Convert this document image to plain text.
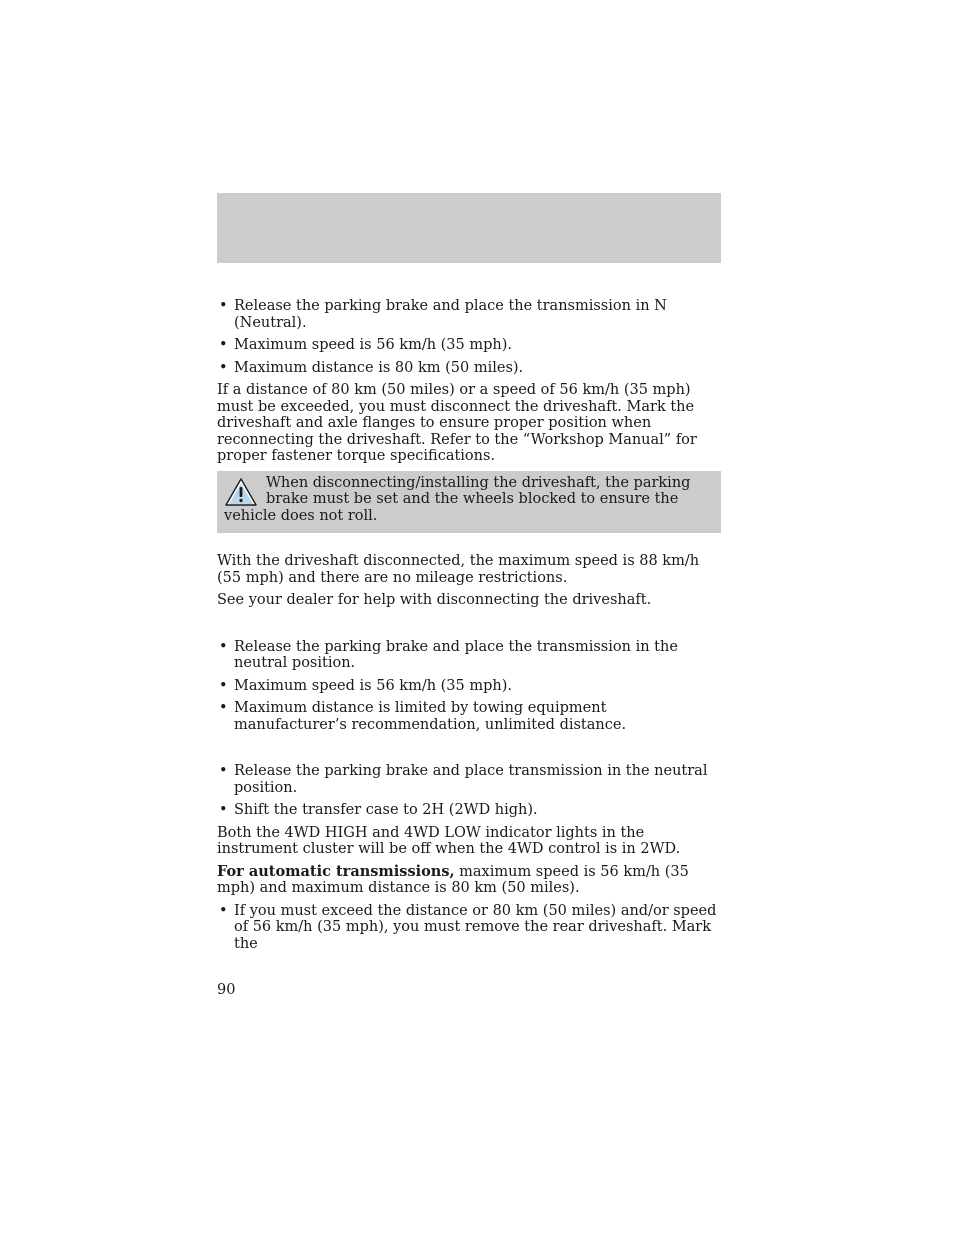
• Release the parking brake and place the transmission in N (Neutral).
• Maximum speed is 56 km/h (35 mph).
• Maximum distance is 80 km (50 miles).

If a distance of 80 km (50 miles) or a speed of 56 km/h (35 mph) must be exceeded, you must disconnect the driveshaft. Mark the driveshaft and axle flanges to ensure proper position when reconnecting the driveshaft. Refer to the “Workshop Manual” for proper fastener torque specifications.

When disconnecting/installing the driveshaft, the parking brake must be set and the wheels blocked to ensure the vehicle does not roll.

With the driveshaft disconnected, the maximum speed is 88 km/h (55 mph) and there are no mileage restrictions.

See your dealer for help with disconnecting the driveshaft.

• Release the parking brake and place the transmission in the neutral position.
• Maximum speed is 56 km/h (35 mph).
• Maximum distance is limited by towing equipment manufacturer’s recommendation, unlimited distance.
• Release the parking brake and place transmission in the neutral position.
• Shift the transfer case to 2H (2WD high).

Both the 4WD HIGH and 4WD LOW indicator lights in the instrument cluster will be off when the 4WD control is in 2WD.

For automatic transmissions, maximum speed is 56 km/h (35 mph) and maximum distance is 80 km (50 miles).

• If you must exceed the distance or 80 km (50 miles) and/or speed of 56 km/h (35 mph), you must remove the rear driveshaft. Mark the
90
